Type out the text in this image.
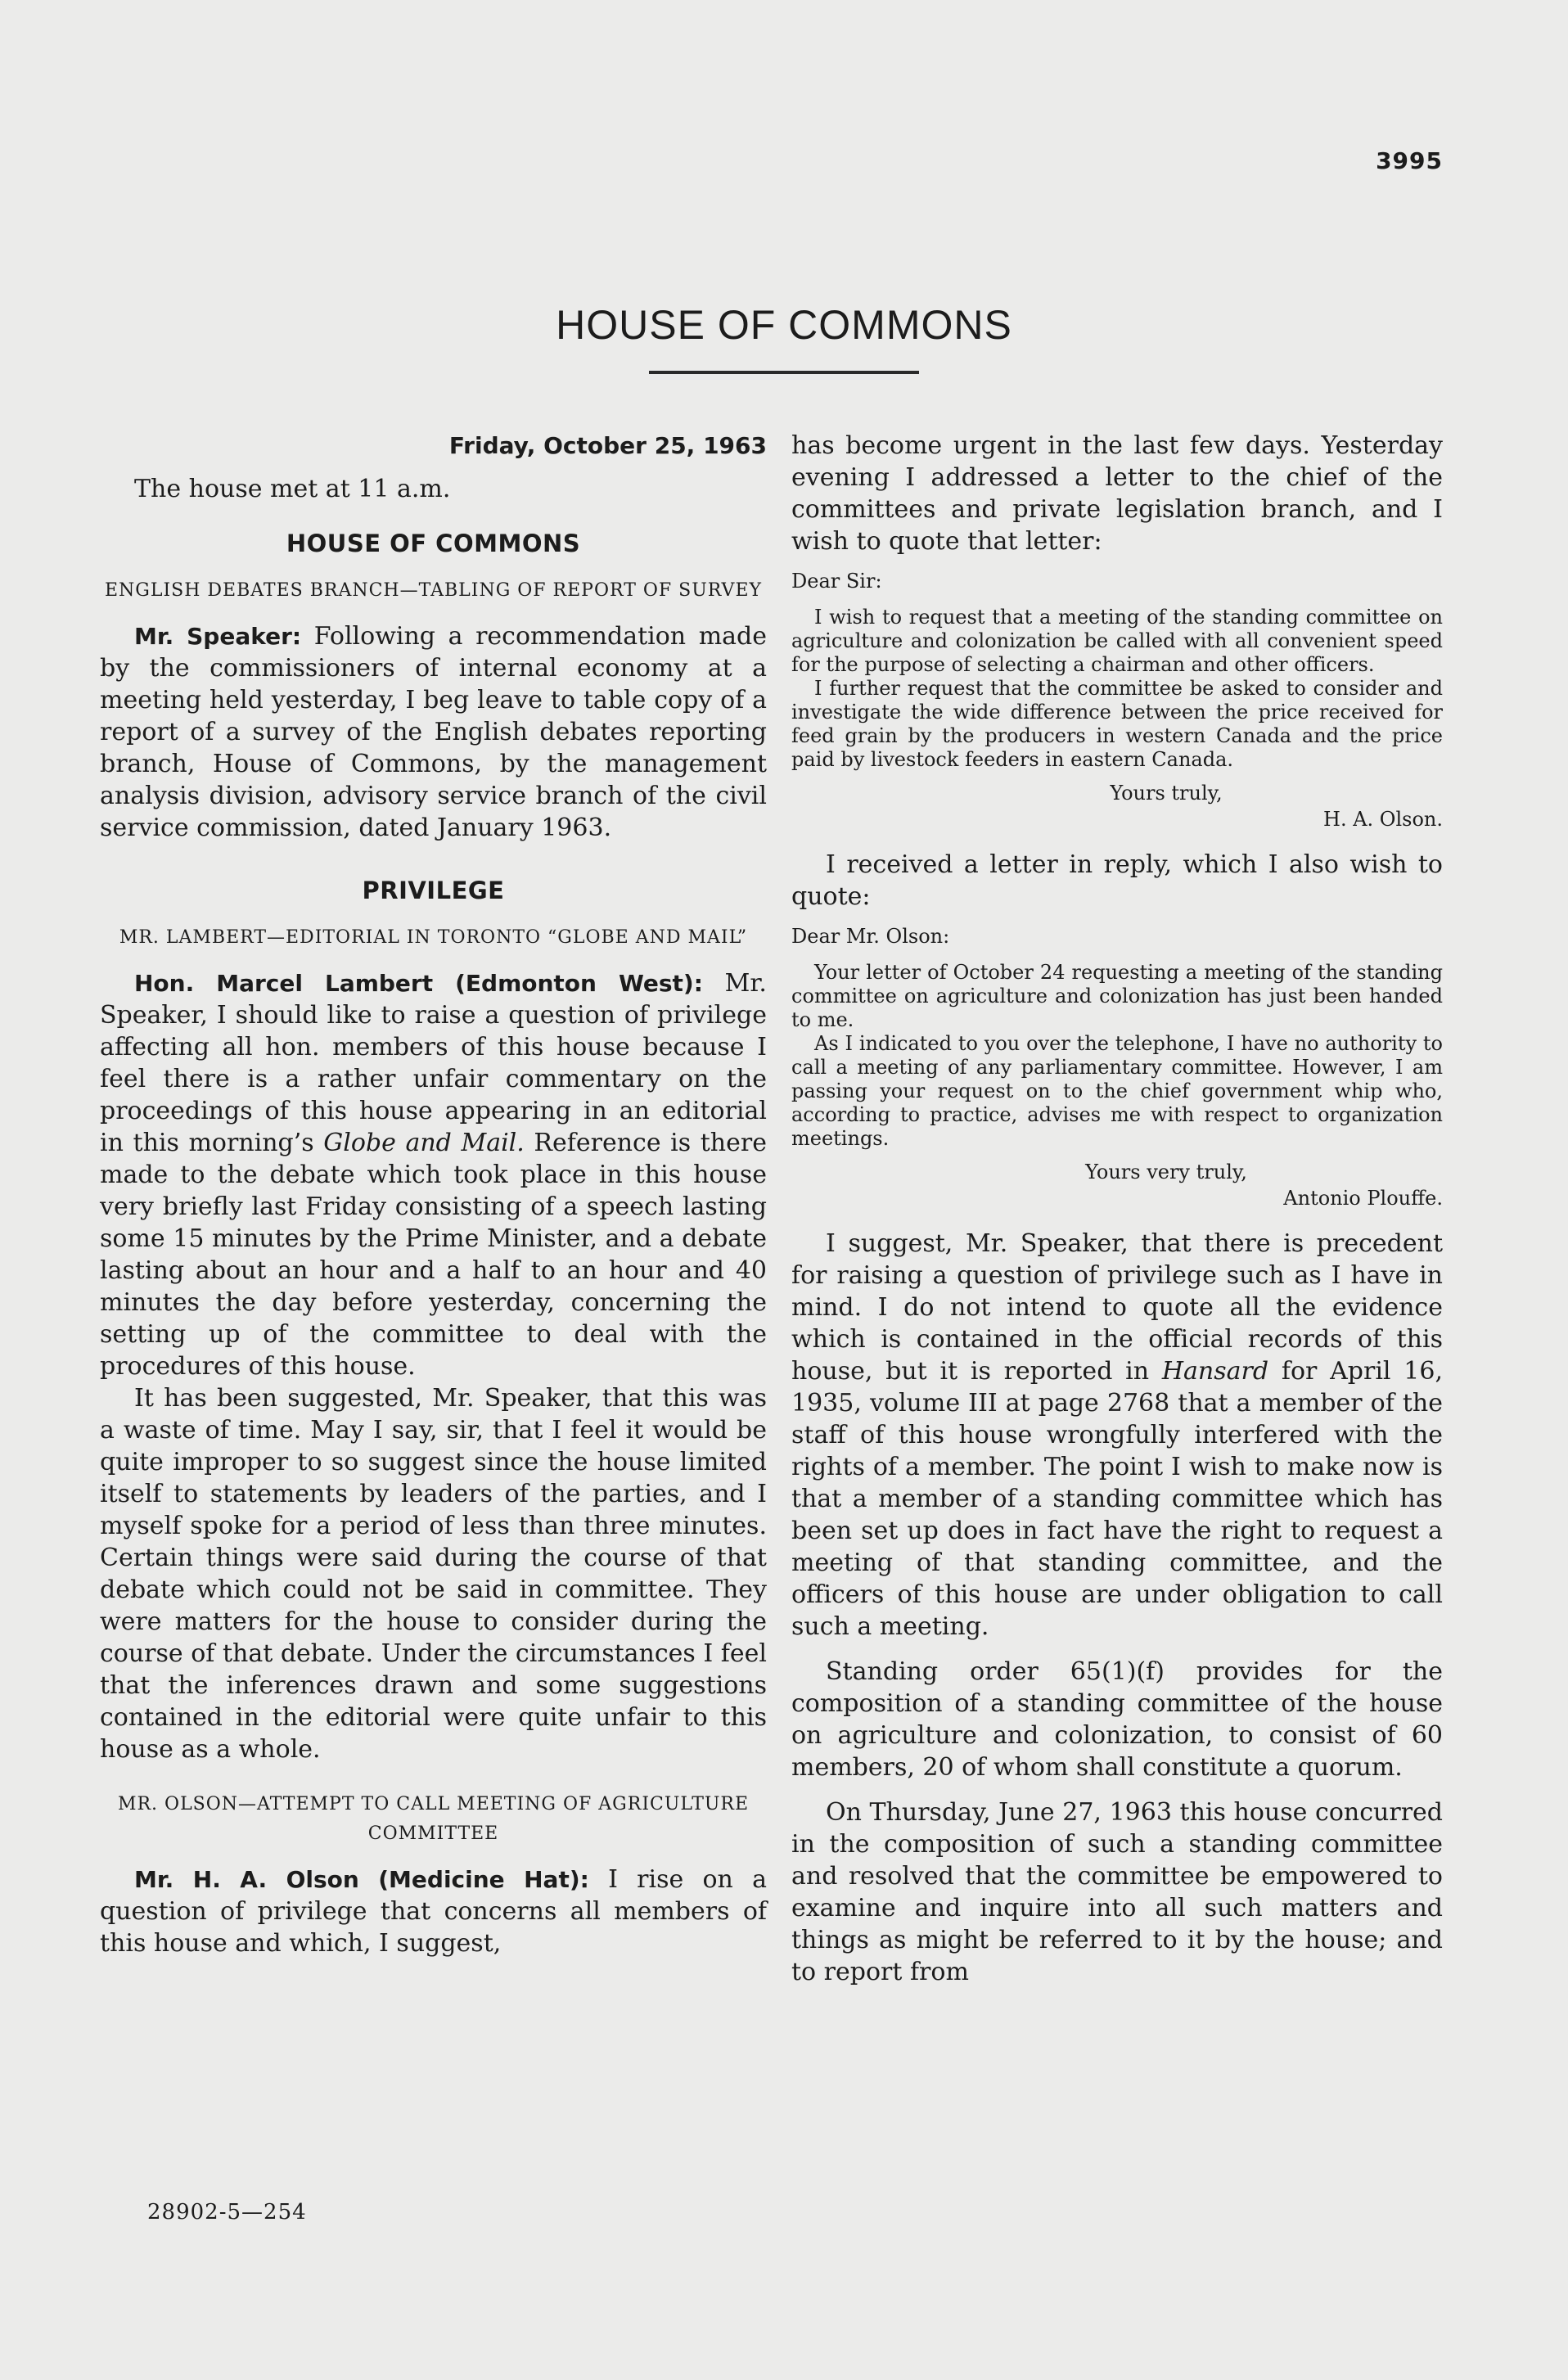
3995
HOUSE OF COMMONS
Friday, October 25, 1963

The house met at 11 a.m.

HOUSE OF COMMONS
ENGLISH DEBATES BRANCH—TABLING OF REPORT OF SURVEY

Mr. Speaker: Following a recommendation made by the commissioners of internal economy at a meeting held yesterday, I beg leave to table copy of a report of a survey of the English debates reporting branch, House of Commons, by the management analysis division, advisory service branch of the civil service commission, dated January 1963.

PRIVILEGE
MR. LAMBERT—EDITORIAL IN TORONTO “GLOBE AND MAIL”

Hon. Marcel Lambert (Edmonton West): Mr. Speaker, I should like to raise a question of privilege affecting all hon. members of this house because I feel there is a rather unfair commentary on the proceedings of this house appearing in an editorial in this morning’s Globe and Mail. Reference is there made to the debate which took place in this house very briefly last Friday consisting of a speech lasting some 15 minutes by the Prime Minister, and a debate lasting about an hour and a half to an hour and 40 minutes the day before yesterday, concerning the setting up of the committee to deal with the procedures of this house.

It has been suggested, Mr. Speaker, that this was a waste of time. May I say, sir, that I feel it would be quite improper to so suggest since the house limited itself to statements by leaders of the parties, and I myself spoke for a period of less than three minutes. Certain things were said during the course of that debate which could not be said in committee. They were matters for the house to consider during the course of that debate. Under the circumstances I feel that the inferences drawn and some suggestions contained in the editorial were quite unfair to this house as a whole.

MR. OLSON—ATTEMPT TO CALL MEETING OF AGRICULTURE COMMITTEE

Mr. H. A. Olson (Medicine Hat): I rise on a question of privilege that concerns all members of this house and which, I suggest,

28902-5—254

has become urgent in the last few days. Yesterday evening I addressed a letter to the chief of the committees and private legislation branch, and I wish to quote that letter:

Dear Sir:

I wish to request that a meeting of the standing committee on agriculture and colonization be called with all convenient speed for the purpose of selecting a chairman and other officers.

I further request that the committee be asked to consider and investigate the wide difference between the price received for feed grain by the producers in western Canada and the price paid by livestock feeders in eastern Canada.

Yours truly,
H. A. Olson.

I received a letter in reply, which I also wish to quote:

Dear Mr. Olson:

Your letter of October 24 requesting a meeting of the standing committee on agriculture and colonization has just been handed to me.

As I indicated to you over the telephone, I have no authority to call a meeting of any parliamentary committee. However, I am passing your request on to the chief government whip who, according to practice, advises me with respect to organization meetings.

Yours very truly,
Antonio Plouffe.

I suggest, Mr. Speaker, that there is precedent for raising a question of privilege such as I have in mind. I do not intend to quote all the evidence which is contained in the official records of this house, but it is reported in Hansard for April 16, 1935, volume III at page 2768 that a member of the staff of this house wrongfully interfered with the rights of a member. The point I wish to make now is that a member of a standing committee which has been set up does in fact have the right to request a meeting of that standing committee, and the officers of this house are under obligation to call such a meeting.

Standing order 65(1)(f) provides for the composition of a standing committee of the house on agriculture and colonization, to consist of 60 members, 20 of whom shall constitute a quorum.

On Thursday, June 27, 1963 this house concurred in the composition of such a standing committee and resolved that the committee be empowered to examine and inquire into all such matters and things as might be referred to it by the house; and to report from
